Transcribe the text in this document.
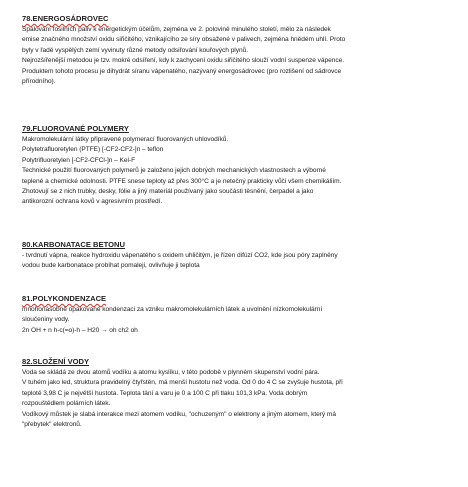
78.ENERGOSÁDROVEC
Spalování fosilních paliv k energetickým účelům, zejména ve 2. polovině minulého století, mělo za následek
emise značného množství oxidu siřičitého, vznikajícího ze síry obsažené v palivech, zejména hnědém uhlí. Proto
byly v řadě vyspělých zemí vyvinuty různé metody odsiřování kouřových plynů.
Nejrozšířenější metodou je tzv. mokré odsíření, kdy k zachycení oxidu siřičitého slouží vodní suspenze vápence.
Produktem tohoto procesu je dihydrát síranu vápenatého, nazývaný energosádrovec (pro rozlišení od sádrovce
přírodního).
79.FLUOROVANÉ POLYMERY
Makromolekulární látky připravené polymerací fluorovaných uhlovodíků.
Polytetrafluoretylen (PTFE) [-CF2-CF2-]n – teflon
Polytrifluoretylen [-CF2-CFCl-]n – Kel-F
Technické použití fluorovaných polymerů je založeno jejich dobrých mechanických vlastnostech a výborné
teplené a chemické odolnosti. PTFE snese teploty až přes 300°C a je netečný prakticky vůči všem chemikáliím.
Zhotovují se z nich trubky, desky, fólie a jiný materiál používaný jako součásti těsnění, čerpadel a jako
antikorozní ochrana kovů v agresivním prostředí.
80.KARBONATACE BETONU
- tvrdnutí vápna, reakce hydroxidu vápenatého s oxidem uhličitým, je řízen difúzí CO2, kde jsou póry zaplněny
vodou bude karbonatace probíhat pomaleji, ovlivňuje ji teplota
81.POLYKONDENZACE
mnohonásobně opakované kondenzaci za vzniku makromolekulárních látek a uvolnění nízkomolekulární
sloučeniny vody.
2n OH + n h-c(=o)-h – H20 → oh ch2 oh
82.SLOŽENÍ VODY
Voda se skládá ze dvou atomů vodíku a atomu kyslíku, v této podobě v plynném skupenství vodní pára.
V tuhém jako led, struktura pravidelný čtyřstěn, má menší hustotu než voda. Od 0 do 4 C se zvyšuje hustota, při
teplotě 3,98 C je největší hustota. Teplota tání a varu je 0 a 100 C při tlaku 101,3 kPa. Voda dobrým
rozpouštědlem polárních látek.
Vodíkový můstek je slabá interakce mezi atomem vodíku, "ochuzeným" o elektrony a jiným atomem, který má
"přebytek" elektronů.
